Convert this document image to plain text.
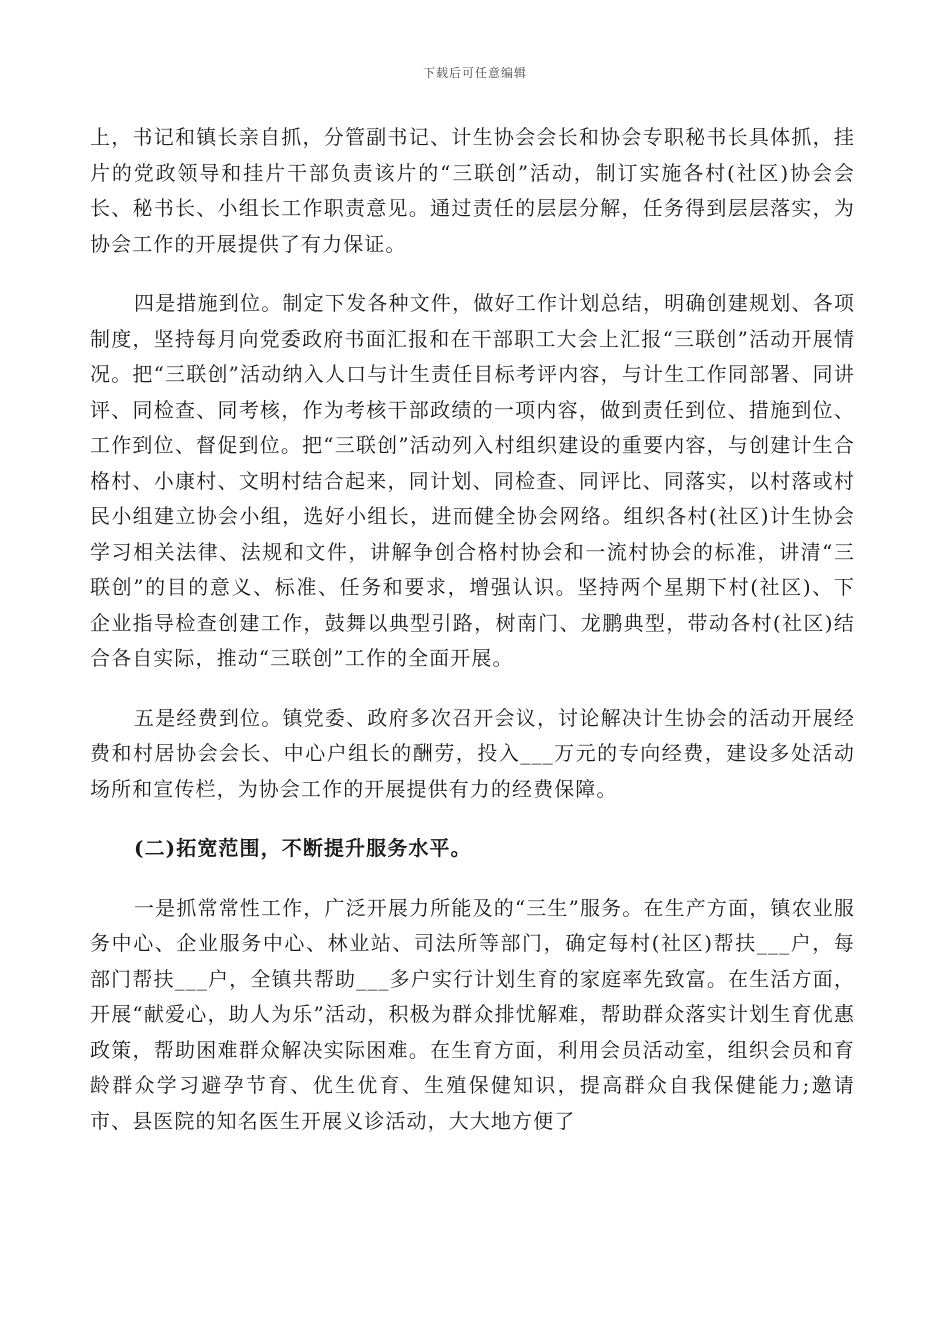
下载后可任意编辑

上，书记和镇长亲自抓，分管副书记、计生协会会长和协会专职秘书长具体抓，挂片的党政领导和挂片干部负责该片的“三联创”活动，制订实施各村(社区)协会会长、秘书长、小组长工作职责意见。通过责任的层层分解，任务得到层层落实，为协会工作的开展提供了有力保证。

四是措施到位。制定下发各种文件，做好工作计划总结，明确创建规划、各项制度，坚持每月向党委政府书面汇报和在干部职工大会上汇报“三联创”活动开展情况。把“三联创”活动纳入人口与计生责任目标考评内容，与计生工作同部署、同讲评、同检查、同考核，作为考核干部政绩的一项内容，做到责任到位、措施到位、工作到位、督促到位。把“三联创”活动列入村组织建设的重要内容，与创建计生合格村、小康村、文明村结合起来，同计划、同检查、同评比、同落实，以村落或村民小组建立协会小组，选好小组长，进而健全协会网络。组织各村(社区)计生协会学习相关法律、法规和文件，讲解争创合格村协会和一流村协会的标准，讲清“三联创”的目的意义、标准、任务和要求，增强认识。坚持两个星期下村(社区)、下企业指导检查创建工作，鼓舞以典型引路，树南门、龙鹏典型，带动各村(社区)结合各自实际，推动“三联创”工作的全面开展。

五是经费到位。镇党委、政府多次召开会议，讨论解决计生协会的活动开展经费和村居协会会长、中心户组长的酬劳，投入___万元的专向经费，建设多处活动场所和宣传栏，为协会工作的开展提供有力的经费保障。

(二)拓宽范围，不断提升服务水平。

一是抓常常性工作，广泛开展力所能及的“三生”服务。在生产方面，镇农业服务中心、企业服务中心、林业站、司法所等部门，确定每村(社区)帮扶___户，每部门帮扶___户，全镇共帮助___多户实行计划生育的家庭率先致富。在生活方面，开展“献爱心，助人为乐”活动，积极为群众排忧解难，帮助群众落实计划生育优惠政策，帮助困难群众解决实际困难。在生育方面，利用会员活动室，组织会员和育龄群众学习避孕节育、优生优育、生殖保健知识，提高群众自我保健能力;邀请市、县医院的知名医生开展义诊活动，大大地方便了
